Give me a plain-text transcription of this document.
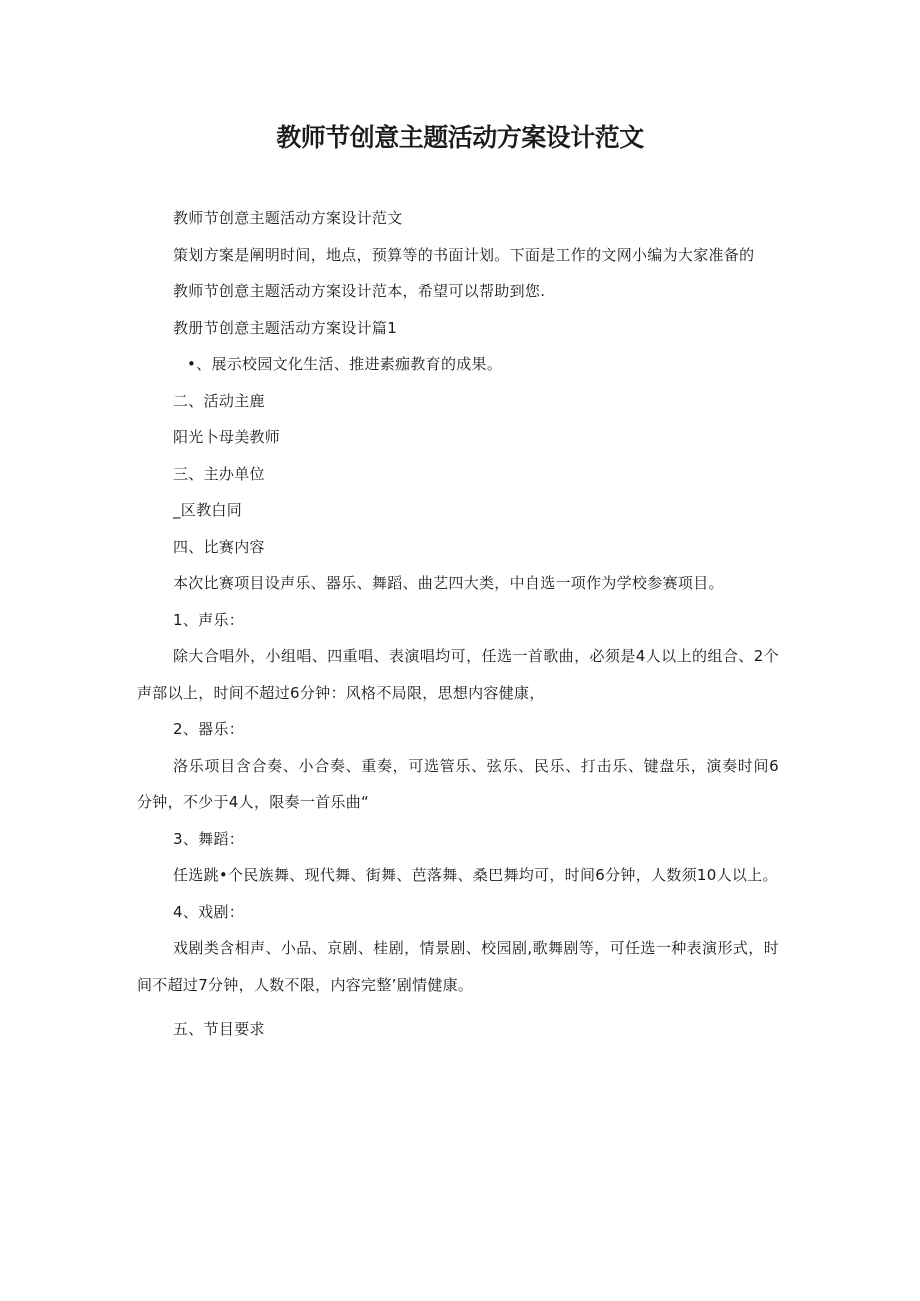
教师节创意主题活动方案设计范文

教师节创意主题活动方案设计范文

策划方案是阐明时间，地点，预算等的书面计划。下面是工作的文网小编为大家准备的

教师节创意主题活动方案设计范本，希望可以帮助到您.

教册节创意主题活动方案设计篇1

•、展示校园文化生活、推进素痂教育的成果。

二、活动主鹿

阳光卜母美教师

三、主办单位

_区教白同

四、比赛内容

本次比赛项目设声乐、器乐、舞蹈、曲艺四大类，中自选一项作为学校参赛项目。

1、声乐：

除大合唱外，小组唱、四重唱、表演唱均可，任选一首歌曲，必须是4人以上的组合、2个声部以上，时间不超过6分钟：风格不局限，思想内容健康，

2、器乐：

洛乐项目含合奏、小合奏、重奏，可选管乐、弦乐、民乐、打击乐、键盘乐，演奏时间6分钟，不少于4人，限奏一首乐曲“

3、舞蹈：

任选跳•个民族舞、现代舞、街舞、芭落舞、桑巴舞均可，时间6分钟，人数须10人以上。

4、戏剧：

戏剧类含相声、小品、京剧、桂剧，情景剧、校园剧,歌舞剧等，可任选一种表演形式，时间不超过7分钟，人数不限，内容完整’剧情健康。

五、节目要求
